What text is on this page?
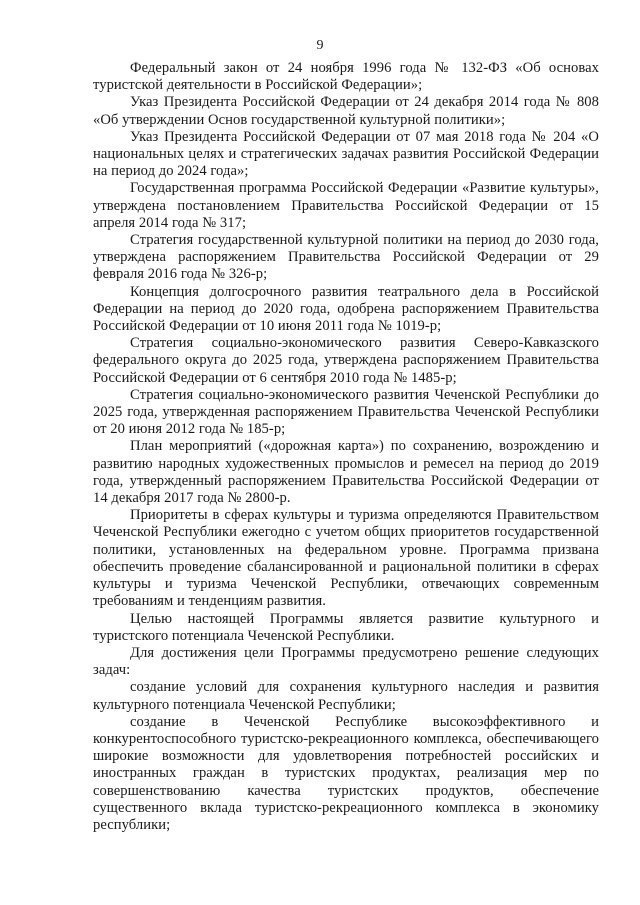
9

Федеральный закон от 24 ноября 1996 года № 132-ФЗ «Об основах туристской деятельности в Российской Федерации»;

Указ Президента Российской Федерации от 24 декабря 2014 года № 808 «Об утверждении Основ государственной культурной политики»;

Указ Президента Российской Федерации от 07 мая 2018 года № 204 «О национальных целях и стратегических задачах развития Российской Федерации на период до 2024 года»;

Государственная программа Российской Федерации «Развитие культуры», утверждена постановлением Правительства Российской Федерации от 15 апреля 2014 года № 317;

Стратегия государственной культурной политики на период до 2030 года, утверждена распоряжением Правительства Российской Федерации от 29 февраля 2016 года № 326-р;

Концепция долгосрочного развития театрального дела в Российской Федерации на период до 2020 года, одобрена распоряжением Правительства Российской Федерации от 10 июня 2011 года № 1019-р;

Стратегия социально-экономического развития Северо-Кавказского федерального округа до 2025 года, утверждена распоряжением Правительства Российской Федерации от 6 сентября 2010 года № 1485-р;

Стратегия социально-экономического развития Чеченской Республики до 2025 года, утвержденная распоряжением Правительства Чеченской Республики от 20 июня 2012 года № 185-р;

План мероприятий («дорожная карта») по сохранению, возрождению и развитию народных художественных промыслов и ремесел на период до 2019 года, утвержденный распоряжением Правительства Российской Федерации от 14 декабря 2017 года № 2800-р.

Приоритеты в сферах культуры и туризма определяются Правительством Чеченской Республики ежегодно с учетом общих приоритетов государственной политики, установленных на федеральном уровне. Программа призвана обеспечить проведение сбалансированной и рациональной политики в сферах культуры и туризма Чеченской Республики, отвечающих современным требованиям и тенденциям развития.

Целью настоящей Программы является развитие культурного и туристского потенциала Чеченской Республики.

Для достижения цели Программы предусмотрено решение следующих задач:

создание условий для сохранения культурного наследия и развития культурного потенциала Чеченской Республики;

создание в Чеченской Республике высокоэффективного и конкурентоспособного туристско-рекреационного комплекса, обеспечивающего широкие возможности для удовлетворения потребностей российских и иностранных граждан в туристских продуктах, реализация мер по совершенствованию качества туристских продуктов, обеспечение существенного вклада туристско-рекреационного комплекса в экономику республики;
